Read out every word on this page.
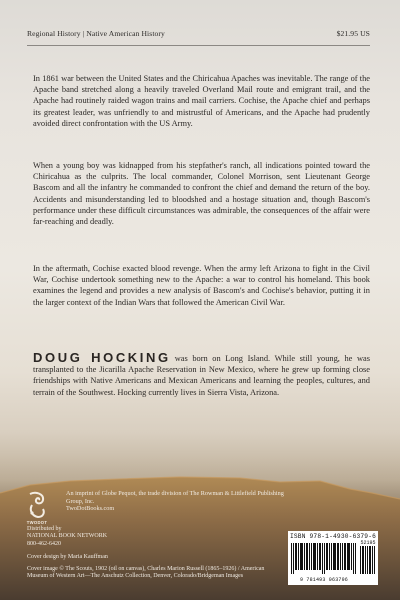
Regional History | Native American History	$21.95 US

In 1861 war between the United States and the Chiricahua Apaches was inevitable. The range of the Apache band stretched along a heavily traveled Overland Mail route and emigrant trail, and the Apache had routinely raided wagon trains and mail carriers. Cochise, the Apache chief and perhaps its greatest leader, was unfriendly to and mistrustful of Americans, and the Apache had prudently avoided direct confrontation with the US Army.

When a young boy was kidnapped from his stepfather's ranch, all indications pointed toward the Chiricahua as the culprits. The local commander, Colonel Morrison, sent Lieutenant George Bascom and all the infantry he commanded to confront the chief and demand the return of the boy. Accidents and misunderstanding led to bloodshed and a hostage situation and, though Bascom's performance under these difficult circumstances was admirable, the consequences of the affair were far-reaching and deadly.

In the aftermath, Cochise exacted blood revenge. When the army left Arizona to fight in the Civil War, Cochise undertook something new to the Apache: a war to control his homeland. This book examines the legend and provides a new analysis of Bascom's and Cochise's behavior, putting it in the larger context of the Indian Wars that followed the American Civil War.

DOUG HOCKING was born on Long Island. While still young, he was transplanted to the Jicarilla Apache Reservation in New Mexico, where he grew up forming close friendships with Native Americans and Mexican Americans and learning the peoples, cultures, and terrain of the Southwest. Hocking currently lives in Sierra Vista, Arizona.

TWODOT
An imprint of Globe Pequot, the trade division of The Rowman & Littlefield Publishing Group, Inc.
TwoDotBooks.com
Distributed by
NATIONAL BOOK NETWORK
800-462-6420
Cover design by Maria Kauffman
Cover image © The Scouts, 1902 (oil on canvas), Charles Marion Russell (1865–1926) / American Museum of Western Art—The Anschutz Collection, Denver, Colorado/Bridgeman Images
ISBN 978-1-4930-6379-6
52195
9 781493 063796
